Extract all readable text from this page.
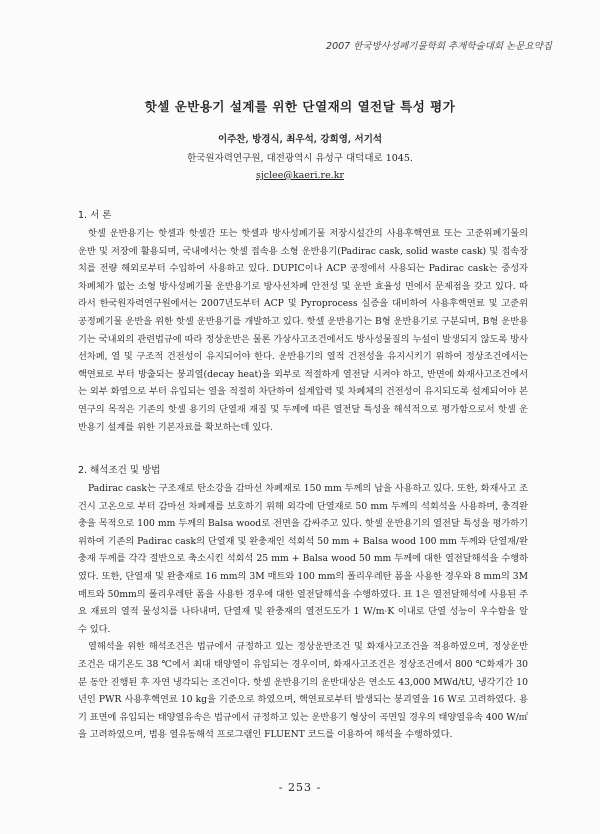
2007 한국방사성폐기물학회 추계학술대회 논문요약집
핫셀 운반용기 설계를 위한 단열재의 열전달 특성 평가
이주찬, 방경식, 최우석, 강희영, 서기석
한국원자력연구원, 대전광역시 유성구 대덕대로 1045.
sjclee@kaeri.re.kr
1. 서 론

핫셀 운반용기는 핫셀과 핫셀간 또는 핫셀과 방사성폐기물 저장시설간의 사용후핵연료 또는 고준위폐기물의 운반 및 저장에 활용되며, 국내에서는 핫셀 접속용 소형 운반용기(Padirac cask, solid waste cask) 및 접속장치를 전량 해외로부터 수입하여 사용하고 있다. DUPIC이나 ACP 공정에서 사용되는 Padirac cask는 중성자 차폐체가 없는 소형 방사성폐기물 운반용기로 방사선차폐 안전성 및 운반 효율성 면에서 문제점을 갖고 있다. 따라서 한국원자력연구원에서는 2007년도부터 ACP 및 Pyroprocess 실증을 대비하여 사용후핵연료 및 고준위 공정폐기물 운반을 위한 핫셀 운반용기를 개발하고 있다. 핫셀 운반용기는 B형 운반용기로 구분되며, B형 운반용기는 국내외의 관련법규에 따라 정상운반은 물론 가상사고조건에서도 방사성물질의 누설이 발생되지 않도록 방사선차폐, 열 및 구조적 건전성이 유지되어야 한다. 운반용기의 열적 건전성을 유지시키기 위하여 정상조건에서는 핵연료로 부터 방출되는 붕괴열(decay heat)을 외부로 적절하게 열전달 시켜야 하고, 반면에 화재사고조건에서는 외부 화염으로 부터 유입되는 열을 적절히 차단하여 설계압력 및 차폐체의 건전성이 유지되도록 설계되어야 본 연구의 목적은 기존의 핫셀 용기의 단열재 재질 및 두께에 따른 열전달 특성을 해석적으로 평가함으로서 핫셀 운반용기 설계를 위한 기본자료를 확보하는데 있다.

2. 해석조건 및 방법

Padirac cask는 구조재로 탄소강을 감마선 차폐재로 150 mm 두께의 납을 사용하고 있다. 또한, 화재사고 조건시 고온으로 부터 감마선 차폐재를 보호하기 위해 외각에 단열재로 50 mm 두께의 석회석을 사용하며, 충격완충을 목적으로 100 mm 두께의 Balsa wood로 전면을 감싸주고 있다. 핫셀 운반용기의 열전달 특성을 평가하기 위하여 기존의 Padirac cask의 단열재 및 완충재인 석회석 50 mm + Balsa wood 100 mm 두께와 단열재/완충재 두께를 각각 절반으로 축소시킨 석회석 25 mm + Balsa wood 50 mm 두께에 대한 열전달해석을 수행하였다. 또한, 단열재 및 완충재로 16 mm의 3M 매트와 100 mm의 폴리우레탄 폼을 사용한 경우와 8 mm의 3M 매트와 50mm의 폴리우레탄 폼을 사용한 경우에 대한 열전달해석을 수행하였다. 표 1은 열전달해석에 사용된 주요 재료의 열적 물성치를 나타내며, 단열재 및 완충재의 열전도도가 1 W/m·K 이내로 단열 성능이 우수함을 알 수 있다.

열해석을 위한 해석조건은 법규에서 규정하고 있는 정상운반조건 및 화재사고조건을 적용하였으며, 정상운반조건은 대기온도 38 ℃에서 최대 태양열이 유입되는 경우이며, 화재사고조건은 정상조건에서 800 ℃화재가 30분 동안 진행된 후 자연 냉각되는 조건이다. 핫셀 운반용기의 운반대상은 연소도 43,000 MWd/tU, 냉각기간 10년인 PWR 사용후핵연료 10 kg을 기준으로 하였으며, 핵연료로부터 발생되는 붕괴열을 16 W로 고려하였다. 용기 표면에 유입되는 태양열유속은 법규에서 규정하고 있는 운반용기 형상이 곡면일 경우의 태양열유속 400 W/㎡을 고려하였으며, 범용 열유동해석 프로그램인 FLUENT 코드를 이용하여 해석을 수행하였다.

- 253 -
